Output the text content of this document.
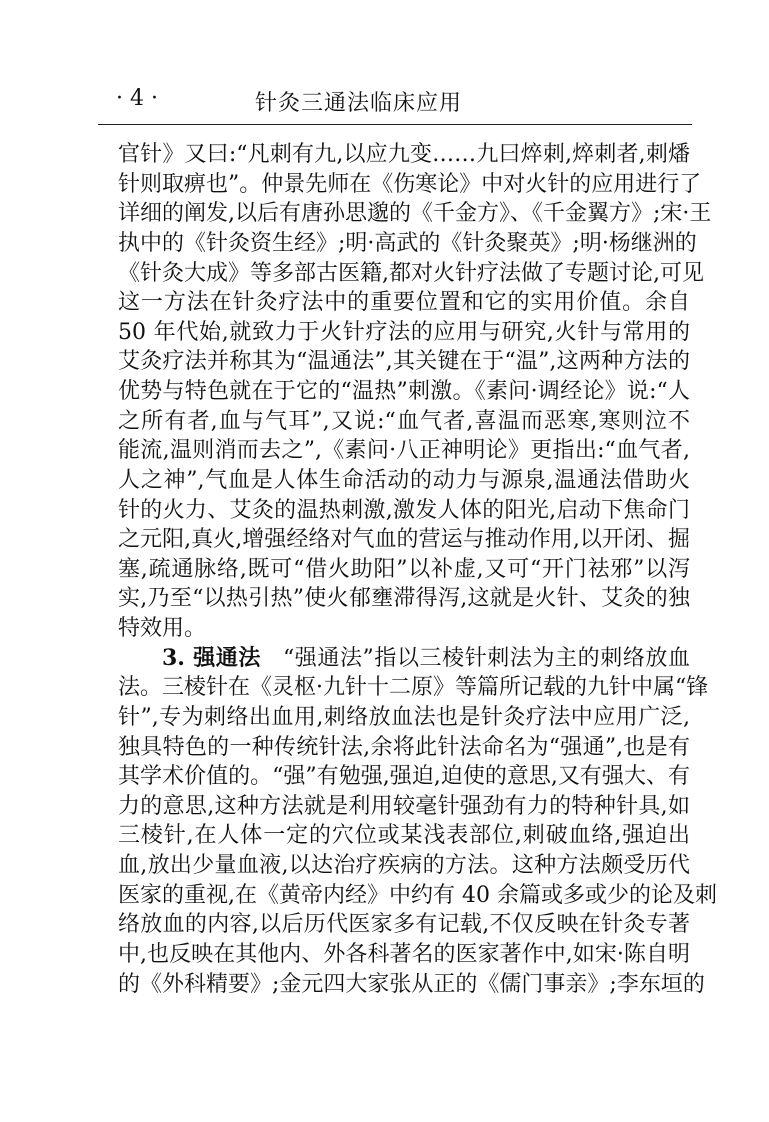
· 4 ·	针灸三通法临床应用
官针》又曰:“凡刺有九,以应九变……九曰焠刺,焠刺者,刺燔
针则取痹也”。仲景先师在《伤寒论》中对火针的应用进行了
详细的阐发,以后有唐孙思邈的《千金方》、《千金翼方》;宋·王
执中的《针灸资生经》;明·高武的《针灸聚英》;明·杨继洲的
《针灸大成》等多部古医籍,都对火针疗法做了专题讨论,可见
这一方法在针灸疗法中的重要位置和它的实用价值。余自
50 年代始,就致力于火针疗法的应用与研究,火针与常用的
艾灸疗法并称其为“温通法”,其关键在于“温”,这两种方法的
优势与特色就在于它的“温热”刺激。《素问·调经论》说:“人
之所有者,血与气耳”,又说:“血气者,喜温而恶寒,寒则泣不
能流,温则消而去之”,《素问·八正神明论》更指出:“血气者,
人之神”,气血是人体生命活动的动力与源泉,温通法借助火
针的火力、艾灸的温热刺激,激发人体的阳光,启动下焦命门
之元阳,真火,增强经络对气血的营运与推动作用,以开闭、掘
塞,疏通脉络,既可“借火助阳”以补虚,又可“开门祛邪”以泻
实,乃至“以热引热”使火郁壅滞得泻,这就是火针、艾灸的独
特效用。
3. 强通法 “强通法”指以三棱针刺法为主的刺络放血
法。三棱针在《灵枢·九针十二原》等篇所记载的九针中属“锋
针”,专为刺络出血用,刺络放血法也是针灸疗法中应用广泛,
独具特色的一种传统针法,余将此针法命名为“强通”,也是有
其学术价值的。“强”有勉强,强迫,迫使的意思,又有强大、有
力的意思,这种方法就是利用较毫针强劲有力的特种针具,如
三棱针,在人体一定的穴位或某浅表部位,刺破血络,强迫出
血,放出少量血液,以达治疗疾病的方法。这种方法颇受历代
医家的重视,在《黄帝内经》中约有 40 余篇或多或少的论及刺
络放血的内容,以后历代医家多有记载,不仅反映在针灸专著
中,也反映在其他内、外各科著名的医家著作中,如宋·陈自明
的《外科精要》;金元四大家张从正的《儒门事亲》;李东垣的
